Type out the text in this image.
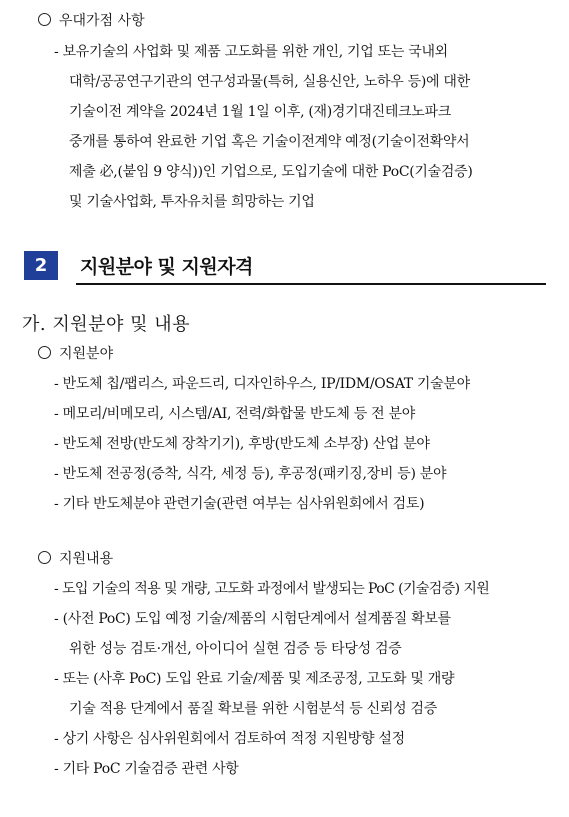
우대가점 사항
- 보유기술의 사업화 및 제품 고도화를 위한 개인, 기업 또는 국내외
대학/공공연구기관의 연구성과물(특허, 실용신안, 노하우 등)에 대한
기술이전 계약을 2024년 1월 1일 이후, (재)경기대진테크노파크
중개를 통하여 완료한 기업 혹은 기술이전계약 예정(기술이전확약서
제출 必,(붙임 9 양식))인 기업으로, 도입기술에 대한 PoC(기술검증)
및 기술사업화, 투자유치를 희망하는 기업
2	지원분야 및 지원자격
가. 지원분야 및 내용
지원분야
- 반도체 칩/팹리스, 파운드리, 디자인하우스, IP/IDM/OSAT 기술분야
- 메모리/비메모리, 시스템/AI, 전력/화합물 반도체 등 전 분야
- 반도체 전방(반도체 장착기기), 후방(반도체 소부장) 산업 분야
- 반도체 전공정(증착, 식각, 세정 등), 후공정(패키징,장비 등) 분야
- 기타 반도체분야 관련기술(관련 여부는 심사위원회에서 검토)
지원내용
- 도입 기술의 적용 및 개량, 고도화 과정에서 발생되는 PoC (기술검증) 지원
- (사전 PoC) 도입 예정 기술/제품의 시험단계에서 설계품질 확보를
위한 성능 검토·개선, 아이디어 실현 검증 등 타당성 검증
- 또는 (사후 PoC) 도입 완료 기술/제품 및 제조공정, 고도화 및 개량
기술 적용 단계에서 품질 확보를 위한 시험분석 등 신뢰성 검증
- 상기 사항은 심사위원회에서 검토하여 적정 지원방향 설정
- 기타 PoC 기술검증 관련 사항
